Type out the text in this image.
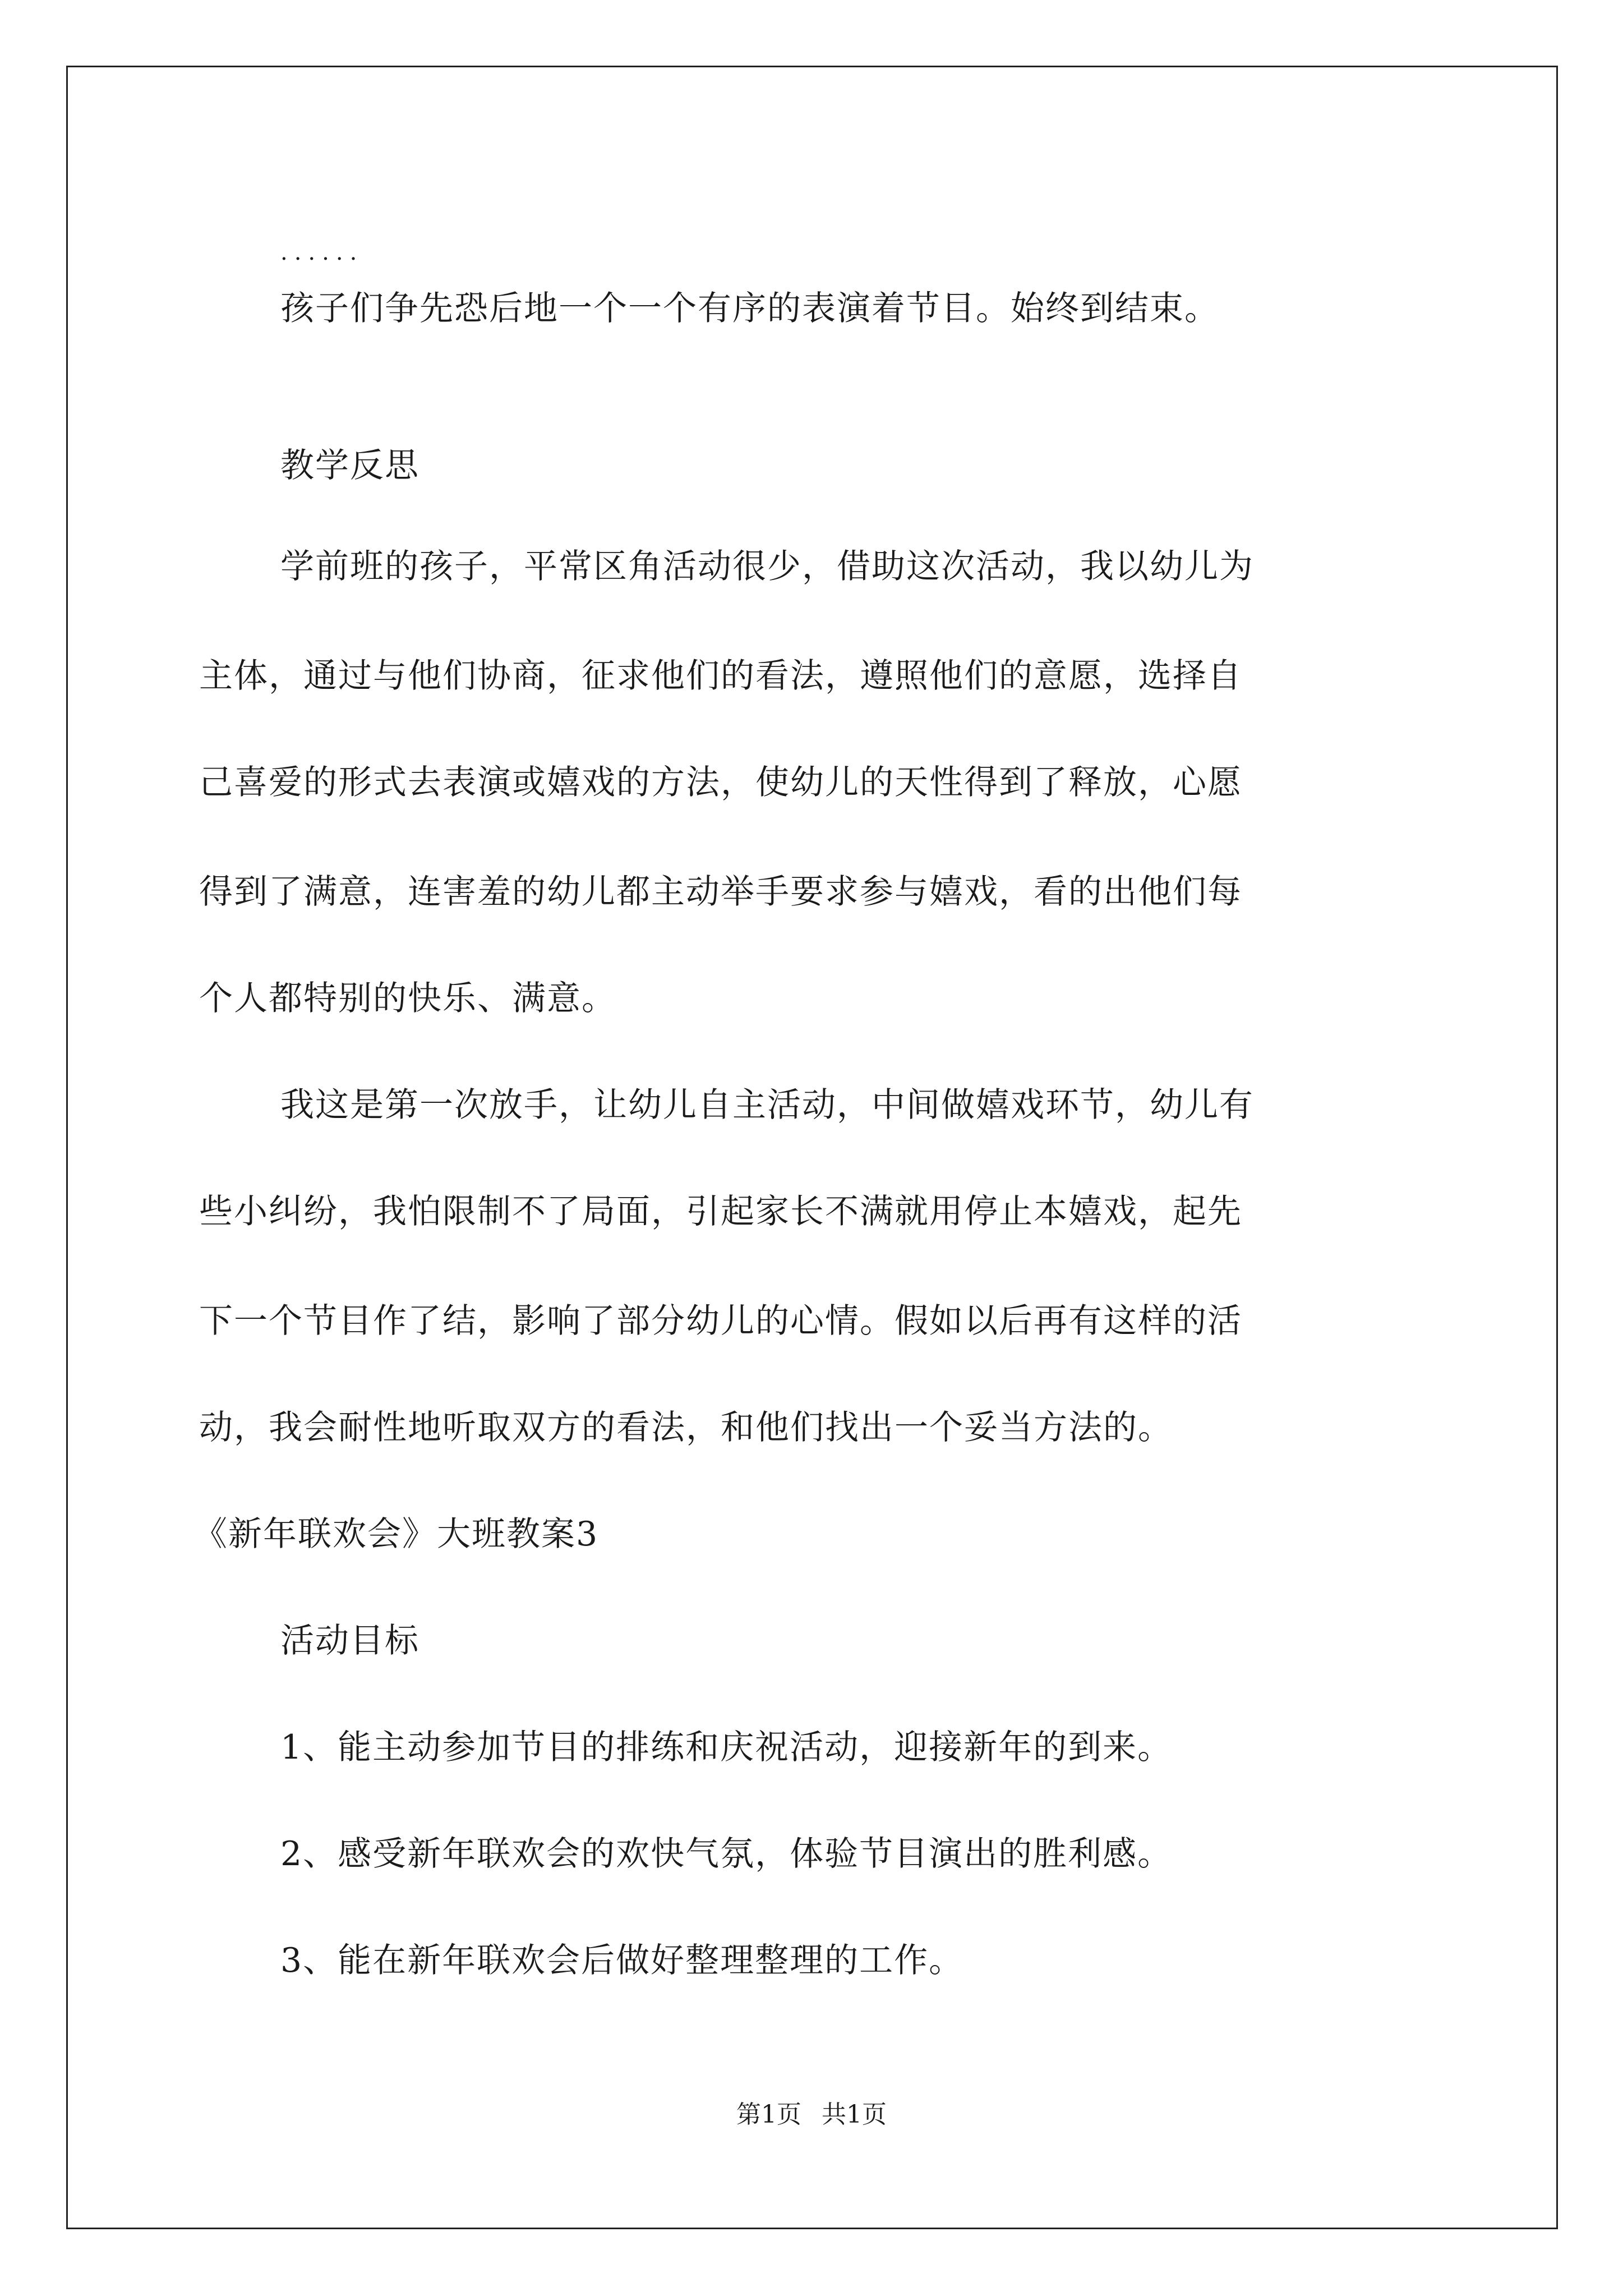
......
孩子们争先恐后地一个一个有序的表演着节目。始终到结束。
教学反思
学前班的孩子，平常区角活动很少，借助这次活动，我以幼儿为
主体，通过与他们协商，征求他们的看法，遵照他们的意愿，选择自
己喜爱的形式去表演或嬉戏的方法，使幼儿的天性得到了释放，心愿
得到了满意，连害羞的幼儿都主动举手要求参与嬉戏，看的出他们每
个人都特别的快乐、满意。
我这是第一次放手，让幼儿自主活动，中间做嬉戏环节，幼儿有
些小纠纷，我怕限制不了局面，引起家长不满就用停止本嬉戏，起先
下一个节目作了结，影响了部分幼儿的心情。假如以后再有这样的活
动，我会耐性地听取双方的看法，和他们找出一个妥当方法的。
《新年联欢会》大班教案3
活动目标
1、能主动参加节目的排练和庆祝活动，迎接新年的到来。
2、感受新年联欢会的欢快气氛，体验节目演出的胜利感。
3、能在新年联欢会后做好整理整理的工作。
第1页 共1页
